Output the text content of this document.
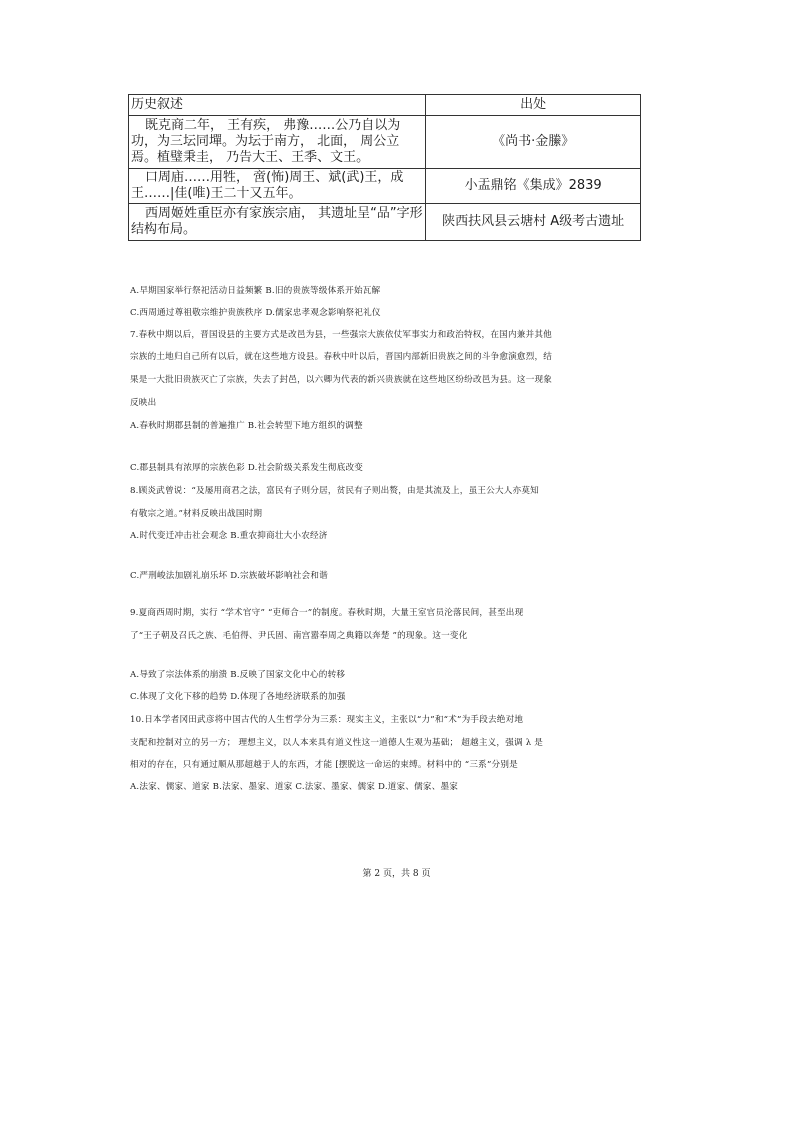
历史叙述	出处

既克商二年， 王有疾， 弗豫……公乃自以为功，为三坛同墠。为坛于南方， 北面， 周公立焉。植璧秉圭， 乃告大王、王季、文王。	《尚书·金縢》

口周庙……用牲， 啻(怖)周王、斌(武)王，成王……|佳(唯)王二十又五年。	小盂鼎铭《集成》2839

西周姬姓重臣亦有家族宗庙， 其遗址呈“品”字形结构布局。	陕西扶风县云塘村 A级考古遗址
A.早期国家举行祭祀活动日益频繁 B.旧的贵族等级体系开始瓦解
C.西周通过尊祖敬宗维护贵族秩序 D.儒家忠孝观念影响祭祀礼仪
7.春秋中期以后，晋国设县的主要方式是改邑为县，一些强宗大族依仗军事实力和政治特权，在国内兼并其他
宗族的土地归自己所有以后，就在这些地方设县。春秋中叶以后，晋国内部新旧贵族之间的斗争愈演愈烈，结
果是一大批旧贵族灭亡了宗族，失去了封邑，以六卿为代表的新兴贵族就在这些地区纷纷改邑为县。这一现象
反映出
A.春秋时期郡县制的普遍推广 B.社会转型下地方组织的调整
C.郡县制具有浓厚的宗族色彩 D.社会阶级关系发生彻底改变
8.顾炎武曾说：“及屡用商君之法，富民有子则分居，贫民有子则出赘，由是其流及上，虽王公大人亦莫知
有敬宗之道。”材料反映出战国时期
A.时代变迁冲击社会观念 B.重农抑商壮大小农经济
C.严刑峻法加剧礼崩乐坏 D.宗族破坏影响社会和谐
9.夏商西周时期，实行 “学术官守” “吏师合一”的制度。春秋时期，大量王室官员沦落民间，甚至出现
了“王子朝及召氏之族、毛伯得、尹氏固、南宫嚣奉周之典籍以奔楚 ”的现象。这一变化
A.导致了宗法体系的崩溃 B.反映了国家文化中心的转移
C.体现了文化下移的趋势 D.体现了各地经济联系的加强
10.日本学者冈田武彦将中国古代的人生哲学分为三系：现实主义，主张以“力”和“术”为手段去绝对地
支配和控制对立的另一方； 理想主义，以人本来具有道义性这一道德人生观为基础； 超越主义，强调 λ 是
相对的存在，只有通过顺从那超越于人的东西，才能 [摆脱这一命运的束缚。材料中的 “三系”分别是
A.法家、儒家、道家 B.法家、墨家、道家 C.法家、墨家、儒家 D.道家、儒家、墨家
第 2 页，共 8 页
